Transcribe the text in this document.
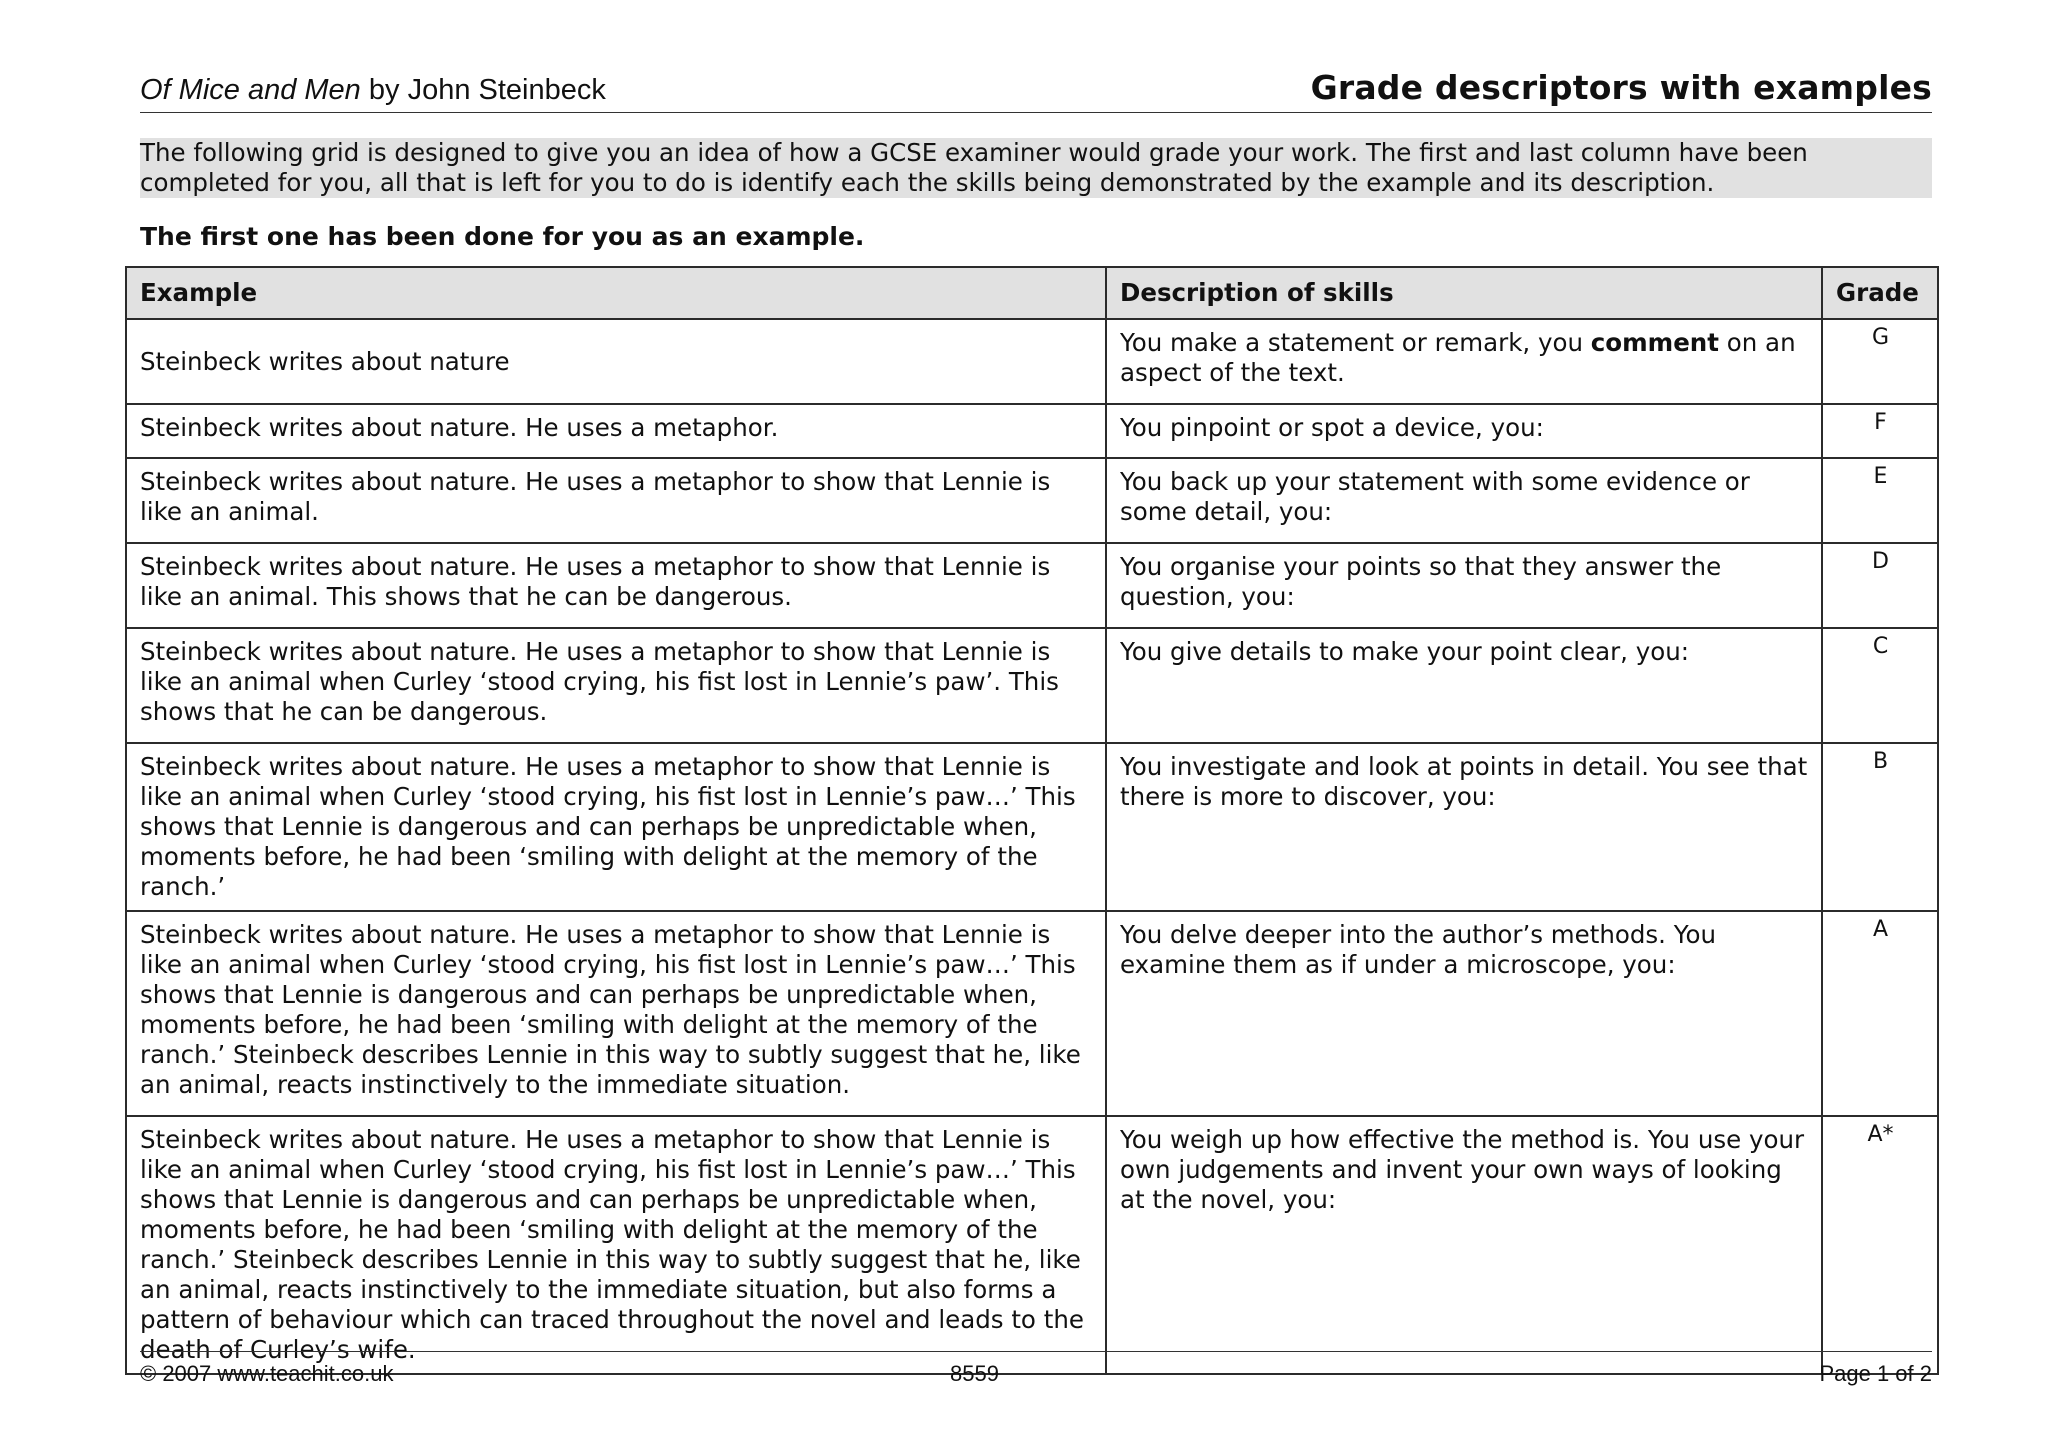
Of Mice and Men by John Steinbeck	Grade descriptors with examples

The following grid is designed to give you an idea of how a GCSE examiner would grade your work. The first and last column have been completed for you, all that is left for you to do is identify each the skills being demonstrated by the example and its description.

The first one has been done for you as an example.
Example	Description of skills	Grade
Steinbeck writes about nature	You make a statement or remark, you comment on an aspect of the text.	G
Steinbeck writes about nature. He uses a metaphor.	You pinpoint or spot a device, you:	F
Steinbeck writes about nature. He uses a metaphor to show that Lennie is like an animal.	You back up your statement with some evidence or some detail, you:	E
Steinbeck writes about nature. He uses a metaphor to show that Lennie is like an animal. This shows that he can be dangerous.	You organise your points so that they answer the question, you:	D
Steinbeck writes about nature. He uses a metaphor to show that Lennie is like an animal when Curley ‘stood crying, his fist lost in Lennie’s paw’. This shows that he can be dangerous.	You give details to make your point clear, you:	C
Steinbeck writes about nature. He uses a metaphor to show that Lennie is like an animal when Curley ‘stood crying, his fist lost in Lennie’s paw…’ This shows that Lennie is dangerous and can perhaps be unpredictable when, moments before, he had been ‘smiling with delight at the memory of the ranch.’	You investigate and look at points in detail. You see that there is more to discover, you:	B
Steinbeck writes about nature. He uses a metaphor to show that Lennie is like an animal when Curley ‘stood crying, his fist lost in Lennie’s paw…’ This shows that Lennie is dangerous and can perhaps be unpredictable when, moments before, he had been ‘smiling with delight at the memory of the ranch.’ Steinbeck describes Lennie in this way to subtly suggest that he, like an animal, reacts instinctively to the immediate situation.	You delve deeper into the author’s methods. You examine them as if under a microscope, you:	A
Steinbeck writes about nature. He uses a metaphor to show that Lennie is like an animal when Curley ‘stood crying, his fist lost in Lennie’s paw…’ This shows that Lennie is dangerous and can perhaps be unpredictable when, moments before, he had been ‘smiling with delight at the memory of the ranch.’ Steinbeck describes Lennie in this way to subtly suggest that he, like an animal, reacts instinctively to the immediate situation, but also forms a pattern of behaviour which can traced throughout the novel and leads to the death of Curley’s wife.	You weigh up how effective the method is. You use your own judgements and invent your own ways of looking at the novel, you:	A*
© 2007 www.teachit.co.uk	8559	Page 1 of 2
